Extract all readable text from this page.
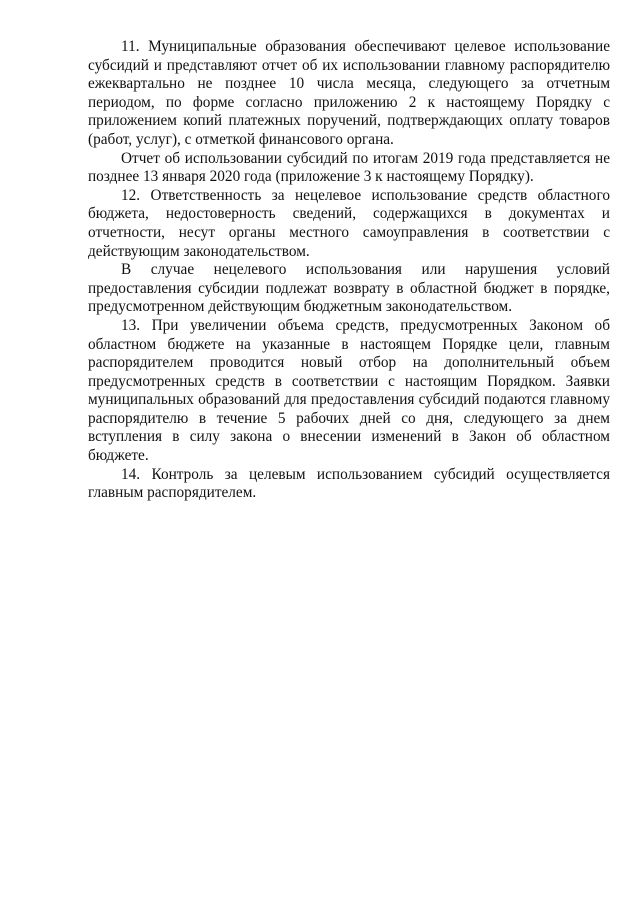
11. Муниципальные образования обеспечивают целевое использование субсидий и представляют отчет об их использовании главному распорядителю ежеквартально не позднее 10 числа месяца, следующего за отчетным периодом, по форме согласно приложению 2 к настоящему Порядку с приложением копий платежных поручений, подтверждающих оплату товаров (работ, услуг), с отметкой финансового органа.

Отчет об использовании субсидий по итогам 2019 года представляется не позднее 13 января 2020 года (приложение 3 к настоящему Порядку).

12. Ответственность за нецелевое использование средств областного бюджета, недостоверность сведений, содержащихся в документах и отчетности, несут органы местного самоуправления в соответствии с действующим законодательством.

В случае нецелевого использования или нарушения условий предоставления субсидии подлежат возврату в областной бюджет в порядке, предусмотренном действующим бюджетным законодательством.

13. При увеличении объема средств, предусмотренных Законом об областном бюджете на указанные в настоящем Порядке цели, главным распорядителем проводится новый отбор на дополнительный объем предусмотренных средств в соответствии с настоящим Порядком. Заявки муниципальных образований для предоставления субсидий подаются главному распорядителю в течение 5 рабочих дней со дня, следующего за днем вступления в силу закона о внесении изменений в Закон об областном бюджете.

14. Контроль за целевым использованием субсидий осуществляется главным распорядителем.
